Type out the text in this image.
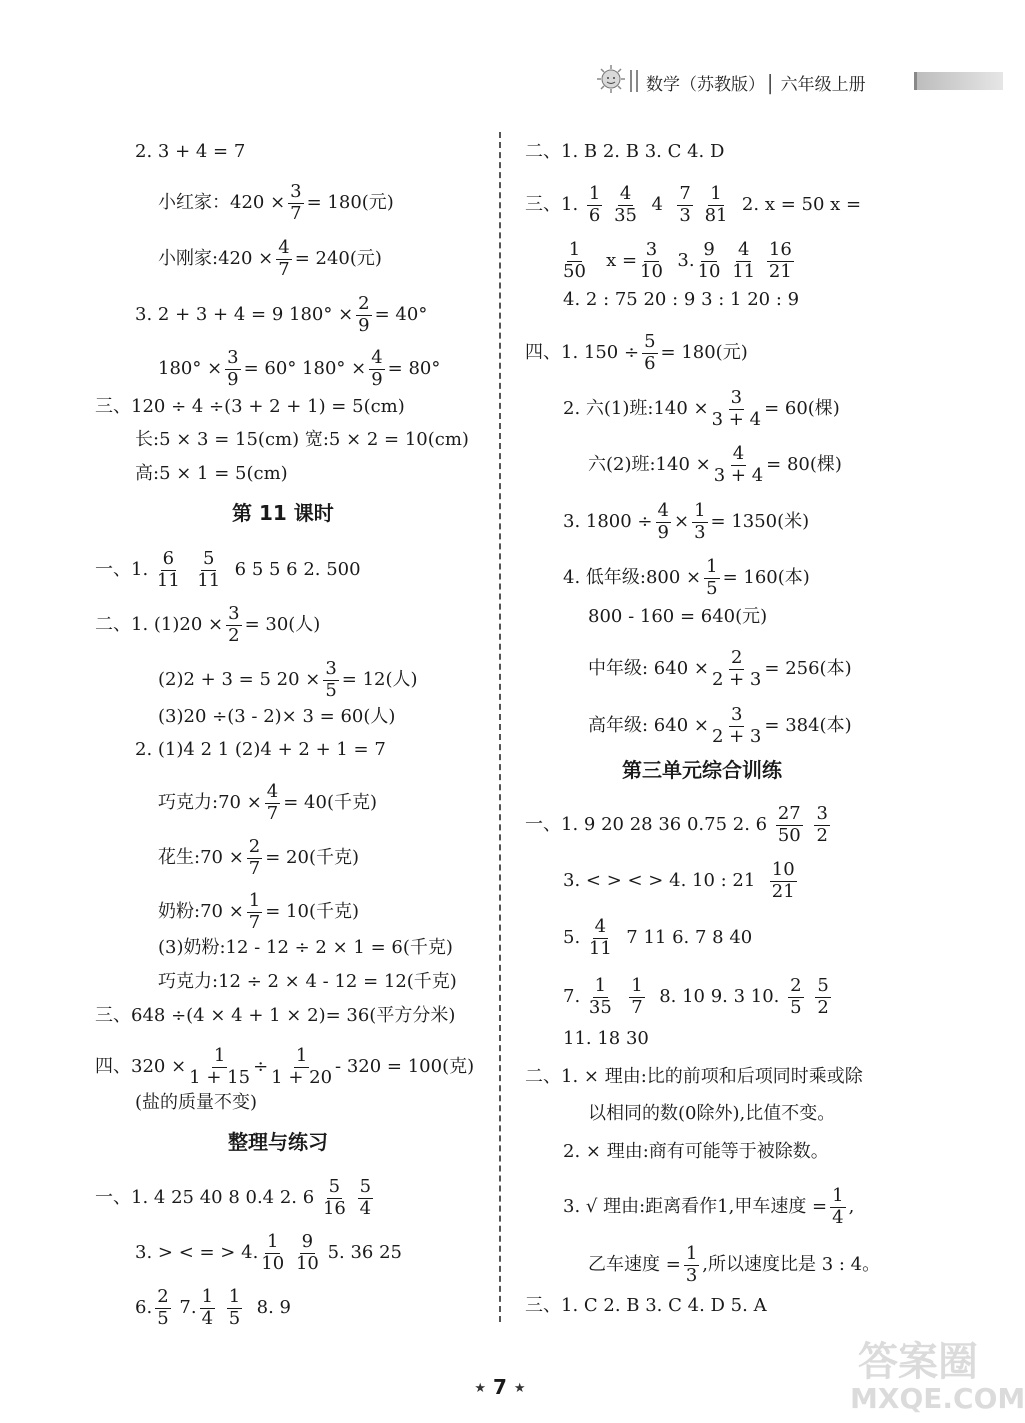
数学（苏教版）│ 六年级上册
2. 3 + 4 = 7
小红家：$420 \times \frac{3}{7} = 180$(元)
小刚家:420 × $\frac{4}{7} = 240$(元)
3. 2 + 3 + 4 = 9 $180^\circ \times \frac{2}{9} = 40^\circ$
$180^\circ \times \frac{3}{9} = 60^\circ$ $180^\circ \times \frac{4}{9} = 80^\circ$
三、120 ÷ 4 ÷(3 + 2 + 1) = 5(cm)
长:5 × 3 = 15(cm) 宽:5 × 2 = 10(cm)
高:5 × 1 = 5(cm)
第 11 课时
一、1. $\frac{6}{11}$
$\frac{5}{11} 6$ 5 5 6 2. 500
二、1. $(1)20 \times \frac{3}{2} = 30$(人)
(2)2 + 3 = 5 $20 \times \frac{3}{5} = 12$(人)
(3)20 ÷(3 - 2)× 3 = 60(人)
2. (1)4 2 1 (2)4 + 2 + 1 = 7
巧克力:70 × $\frac{4}{7} = 40$(千克)
花生:70 × $\frac{2}{7} = 20$(千克)
奶粉:70 × $\frac{1}{7} = 10$(千克)
(3)奶粉:12 - 12 ÷ 2 × 1 = 6(千克)
巧克力:12 ÷ 2 × 4 - 12 = 12(千克)
三、648 ÷(4 × 4 + 1 × 2)= 36(平方分米)
四、$320 \times \frac{1}{1 + 15} \div \frac{1}{1 + 20} - 320 = 100$(克)
(盐的质量不变)
整理与练习
一、1. 4 25 40 8 0.4 2. $6 \frac{5}{16}$
$\frac{5}{4}$
3. > < = > 4. $\frac{1}{10}$
$\frac{9}{10} 5$. 36 25
6. $\frac{2}{5} 7$. $\frac{1}{4}$
$\frac{1}{5} 8$. 9
二、1. B 2. B 3. C 4. D
三、1. $\frac{1}{6}$
$\frac{4}{35} 4 \frac{7}{3}$
$\frac{1}{81} 2$. x = 50 x =
$\frac{1}{50}$ $x = \frac{3}{10} 3$. $\frac{9}{10}$
$\frac{4}{11}$
$\frac{16}{21}$
4. 2 : 75 20 : 9 3 : 1 20 : 9
四、1. $150 \div \frac{5}{6} = 180$(元)
2. 六(1)班:140 × $\frac{3}{3 + 4} = 60$(棵)
六(2)班:140 × $\frac{4}{3 + 4} = 80$(棵)
3. $1800 \div \frac{4}{9} \times \frac{1}{3} = 1350$(米)
4. 低年级:800 × $\frac{1}{5} = 160$(本)
800 - 160 = 640(元)
中年级: $640 \times \frac{2}{2 + 3} = 256$(本)
高年级: $640 \times \frac{3}{2 + 3} = 384$(本)
第三单元综合训练
一、1. 9 20 28 36 0.75 2. $6 \frac{27}{50}$
$\frac{3}{2}$
3. < > < > 4. 10 : $21 \frac{10}{21}$
5. $\frac{4}{11} 7$ 11 6. 7 8 40
7. $\frac{1}{35}$
$\frac{1}{7} 8$. 10 9. 3 10. $\frac{2}{5}$
$\frac{5}{2}$
11. 18 30
二、1. × 理由:比的前项和后项同时乘或除
以相同的数(0除外),比值不变。
2. × 理由:商有可能等于被除数。
3. √ 理由:距离看作1,甲车速度 = $\frac{1}{4}$ ,
乙车速度 = $\frac{1}{3}$ ,所以速度比是 3 : 4。
三、1. C 2. B 3. C 4. D 5. A
★ 7 ★
答案圈
MXQE.COM
